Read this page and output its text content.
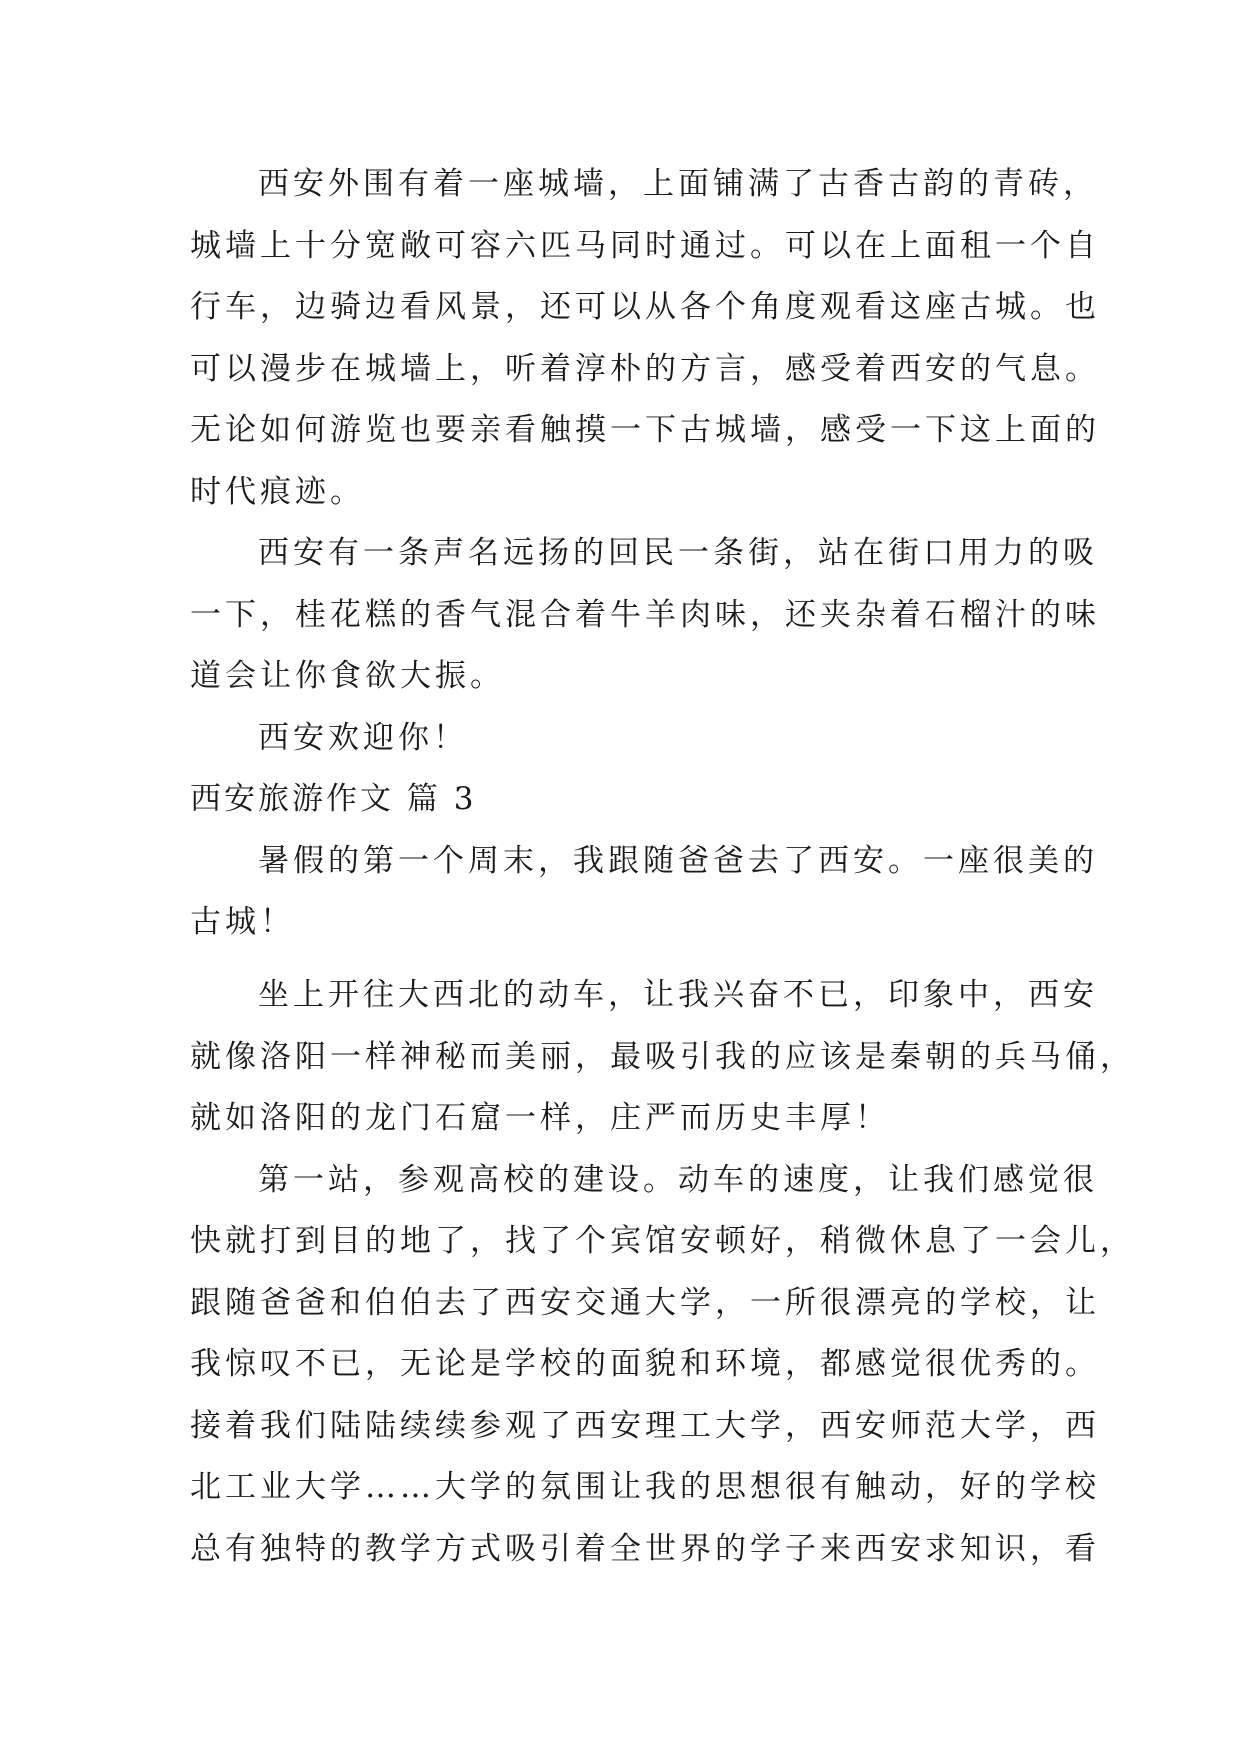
西安外围有着一座城墙，上面铺满了古香古韵的青砖，
城墙上十分宽敞可容六匹马同时通过。可以在上面租一个自
行车，边骑边看风景，还可以从各个角度观看这座古城。也
可以漫步在城墙上，听着淳朴的方言，感受着西安的气息。
无论如何游览也要亲看触摸一下古城墙，感受一下这上面的
时代痕迹。
西安有一条声名远扬的回民一条街，站在街口用力的吸
一下，桂花糕的香气混合着牛羊肉味，还夹杂着石榴汁的味
道会让你食欲大振。
西安欢迎你！
西安旅游作文 篇 3
暑假的第一个周末，我跟随爸爸去了西安。一座很美的
古城！
坐上开往大西北的动车，让我兴奋不已，印象中，西安
就像洛阳一样神秘而美丽，最吸引我的应该是秦朝的兵马俑，
就如洛阳的龙门石窟一样，庄严而历史丰厚！
第一站，参观高校的建设。动车的速度，让我们感觉很
快就打到目的地了，找了个宾馆安顿好，稍微休息了一会儿，
跟随爸爸和伯伯去了西安交通大学，一所很漂亮的学校，让
我惊叹不已，无论是学校的面貌和环境，都感觉很优秀的。
接着我们陆陆续续参观了西安理工大学，西安师范大学，西
北工业大学……大学的氛围让我的思想很有触动，好的学校
总有独特的教学方式吸引着全世界的学子来西安求知识，看
